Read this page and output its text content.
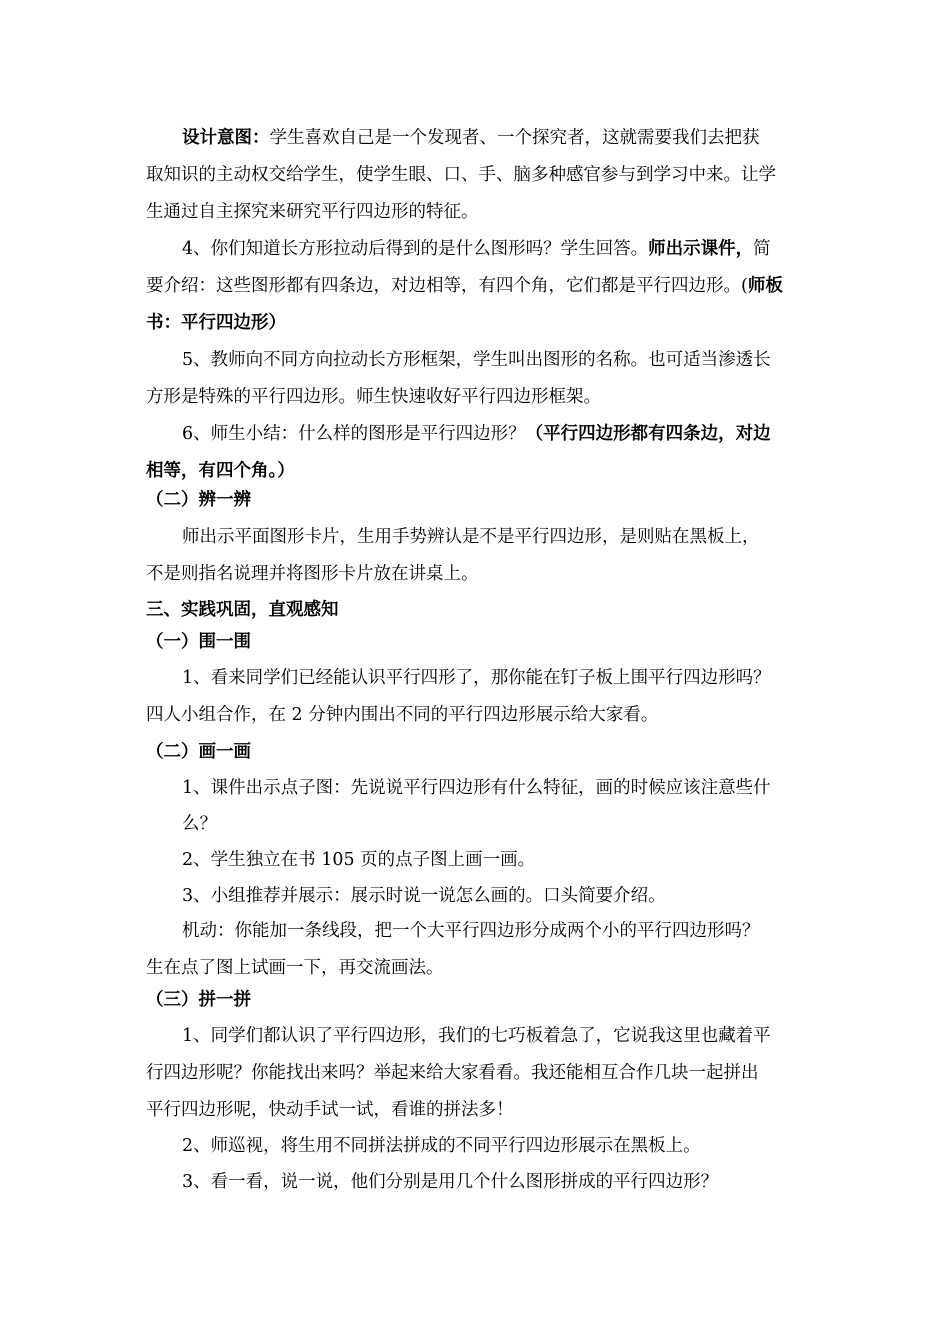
设计意图：学生喜欢自己是一个发现者、一个探究者，这就需要我们去把获
取知识的主动权交给学生，使学生眼、口、手、脑多种感官参与到学习中来。让学
生通过自主探究来研究平行四边形的特征。
4、你们知道长方形拉动后得到的是什么图形吗？学生回答。师出示课件，简
要介绍：这些图形都有四条边，对边相等，有四个角，它们都是平行四边形。(师板
书：平行四边形）
5、教师向不同方向拉动长方形框架，学生叫出图形的名称。也可适当渗透长
方形是特殊的平行四边形。师生快速收好平行四边形框架。
6、师生小结：什么样的图形是平行四边形？（平行四边形都有四条边，对边
相等，有四个角。）
（二）辨一辨
师出示平面图形卡片，生用手势辨认是不是平行四边形，是则贴在黑板上，
不是则指名说理并将图形卡片放在讲桌上。
三、实践巩固，直观感知
（一）围一围
1、看来同学们已经能认识平行四形了，那你能在钉子板上围平行四边形吗？
四人小组合作，在 2 分钟内围出不同的平行四边形展示给大家看。
（二）画一画
1、课件出示点子图：先说说平行四边形有什么特征，画的时候应该注意些什
么？
2、学生独立在书 105 页的点子图上画一画。
3、小组推荐并展示：展示时说一说怎么画的。口头简要介绍。
机动：你能加一条线段，把一个大平行四边形分成两个小的平行四边形吗？
生在点了图上试画一下，再交流画法。
（三）拼一拼
1、同学们都认识了平行四边形，我们的七巧板着急了，它说我这里也藏着平
行四边形呢？你能找出来吗？举起来给大家看看。我还能相互合作几块一起拼出
平行四边形呢，快动手试一试，看谁的拼法多！
2、师巡视，将生用不同拼法拼成的不同平行四边形展示在黑板上。
3、看一看，说一说，他们分别是用几个什么图形拼成的平行四边形？
